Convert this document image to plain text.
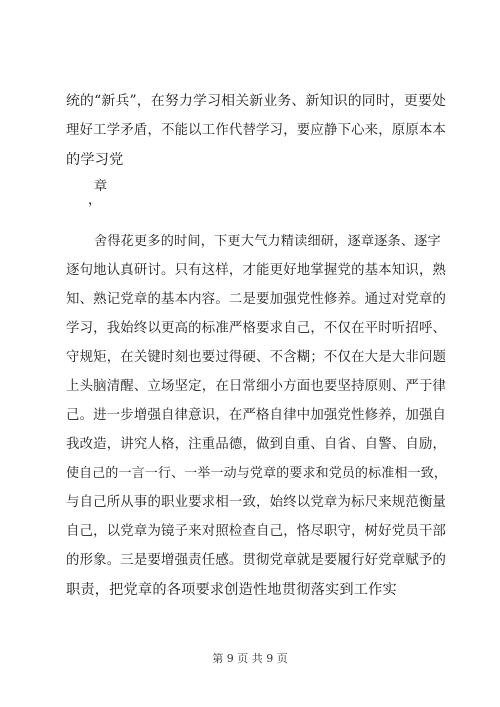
统的“新兵”，在努力学习相关新业务、新知识的同时，更要处
理好工学矛盾，不能以工作代替学习，要应静下心来，原原本本
的学习党
章
，
舍得花更多的时间，下更大气力精读细研，逐章逐条、逐字
逐句地认真研讨。只有这样，才能更好地掌握党的基本知识，熟
知、熟记党章的基本内容。二是要加强党性修养。通过对党章的
学习，我始终以更高的标准严格要求自己，不仅在平时听招呼、
守规矩，在关键时刻也要过得硬、不含糊；不仅在大是大非问题
上头脑清醒、立场坚定，在日常细小方面也要坚持原则、严于律
己。进一步增强自律意识，在严格自律中加强党性修养，加强自
我改造，讲究人格，注重品德，做到自重、自省、自警、自励，
使自己的一言一行、一举一动与党章的要求和党员的标准相一致，
与自己所从事的职业要求相一致，始终以党章为标尺来规范衡量
自己，以党章为镜子来对照检查自己，恪尽职守，树好党员干部
的形象。三是要增强责任感。贯彻党章就是要履行好党章赋予的
职责，把党章的各项要求创造性地贯彻落实到工作实
第 9 页 共 9 页
